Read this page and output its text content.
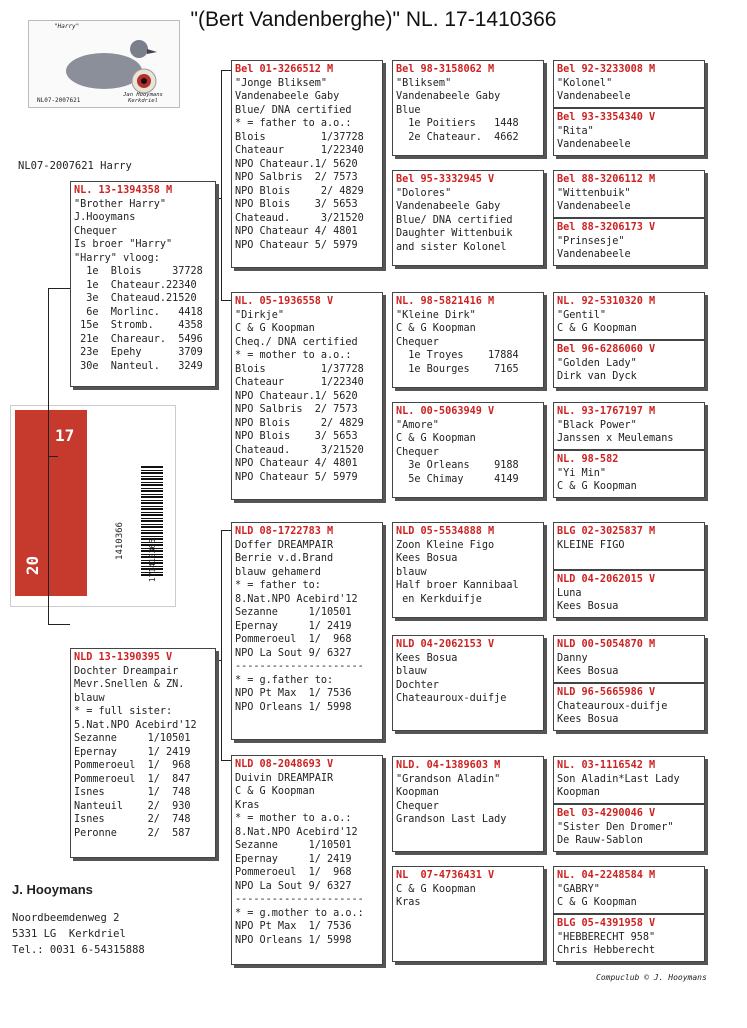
"(Bert Vandenberghe)" NL. 17-1410366
"Harry"
NL07-2007621
Jan Hooymans Kerkdriel
NL07-2007621 Harry
20
17
EIGENDOMSBEWIJS v/d RING	1410366	171410366
NL. 13-1394358 M
"Brother Harry"
J.Hooymans
Chequer
Is broer "Harry"
"Harry" vloog:
1e  Blois     37728
1e  Chateaur.22340
3e  Chateaud.21520
6e  Morlinc.   4418
15e  Stromb.    4358
21e  Chareaur.  5496
23e  Epehy      3709
30e  Nanteul.   3249
NLD 13-1390395 V
Dochter Dreampair
Mevr.Snellen & ZN.
blauw
* = full sister:
5.Nat.NPO Acebird'12
Sezanne     1/10501
Epernay     1/ 2419
Pommeroeul  1/  968
Pommeroeul  1/  847
Isnes       1/  748
Nanteuil    2/  930
Isnes       2/  748
Peronne     2/  587
Bel 01-3266512 M
"Jonge Bliksem"
Vandenabeele Gaby
Blue/ DNA certified
* = father to a.o.:
Blois         1/37728
Chateaur      1/22340
NPO Chateaur.1/ 5620
NPO Salbris  2/ 7573
NPO Blois     2/ 4829
NPO Blois    3/ 5653
Chateaud.     3/21520
NPO Chateaur 4/ 4801
NPO Chateaur 5/ 5979
NL. 05-1936558 V
"Dirkje"
C & G Koopman
Cheq./ DNA certified
* = mother to a.o.:
Blois         1/37728
Chateaur      1/22340
NPO Chateaur.1/ 5620
NPO Salbris  2/ 7573
NPO Blois     2/ 4829
NPO Blois    3/ 5653
Chateaud.     3/21520
NPO Chateaur 4/ 4801
NPO Chateaur 5/ 5979
NLD 08-1722783 M
Doffer DREAMPAIR
Berrie v.d.Brand
blauw gehamerd
* = father to:
8.Nat.NPO Acebird'12
Sezanne     1/10501
Epernay     1/ 2419
Pommeroeul  1/  968
NPO La Sout 9/ 6327
---------------------
* = g.father to:
NPO Pt Max  1/ 7536
NPO Orleans 1/ 5998
NLD 08-2048693 V
Duivin DREAMPAIR
C & G Koopman
Kras
* = mother to a.o.:
8.Nat.NPO Acebird'12
Sezanne     1/10501
Epernay     1/ 2419
Pommeroeul  1/  968
NPO La Sout 9/ 6327
---------------------
* = g.mother to a.o.:
NPO Pt Max  1/ 7536
NPO Orleans 1/ 5998
Bel 98-3158062 M
"Bliksem"
Vandenabeele Gaby
Blue
1e Poitiers   1448
2e Chateaur.  4662
Bel 95-3332945 V
"Dolores"
Vandenabeele Gaby
Blue/ DNA certified
Daughter Wittenbuik
and sister Kolonel
NL. 98-5821416 M
"Kleine Dirk"
C & G Koopman
Chequer
1e Troyes    17884
1e Bourges    7165
NL. 00-5063949 V
"Amore"
C & G Koopman
Chequer
3e Orleans    9188
5e Chimay     4149
NLD 05-5534888 M
Zoon Kleine Figo
Kees Bosua
blauw
Half broer Kannibaal
en Kerkduifje
NLD 04-2062153 V
Kees Bosua
blauw
Dochter
Chateauroux-duifje
NLD. 04-1389603 M
"Grandson Aladin"
Koopman
Chequer
Grandson Last Lady
NL  07-4736431 V
C & G Koopman
Kras
Bel 92-3233008 M
"Kolonel"
Vandenabeele
Bel 93-3354340 V
"Rita"
Vandenabeele
Bel 88-3206112 M
"Wittenbuik"
Vandenabeele
Bel 88-3206173 V
"Prinsesje"
Vandenabeele
NL. 92-5310320 M
"Gentil"
C & G Koopman
Bel 96-6286060 V
"Golden Lady"
Dirk van Dyck
NL. 93-1767197 M
"Black Power"
Janssen x Meulemans
NL. 98-582
"Yi Min"
C & G Koopman
BLG 02-3025837 M
KLEINE FIGO
NLD 04-2062015 V
Luna
Kees Bosua
NLD 00-5054870 M
Danny
Kees Bosua
NLD 96-5665986 V
Chateauroux-duifje
Kees Bosua
NL. 03-1116542 M
Son Aladin*Last Lady
Koopman
Bel 03-4290046 V
"Sister Den Dromer"
De Rauw-Sablon
NL. 04-2248584 M
"GABRY"
C & G Koopman
BLG 05-4391958 V
"HEBBERECHT 958"
Chris Hebberecht
J. Hooymans
Noordbeemdenweg 2
5331 LG  Kerkdriel
Tel.: 0031 6-54315888
Compuclub © J. Hooymans
